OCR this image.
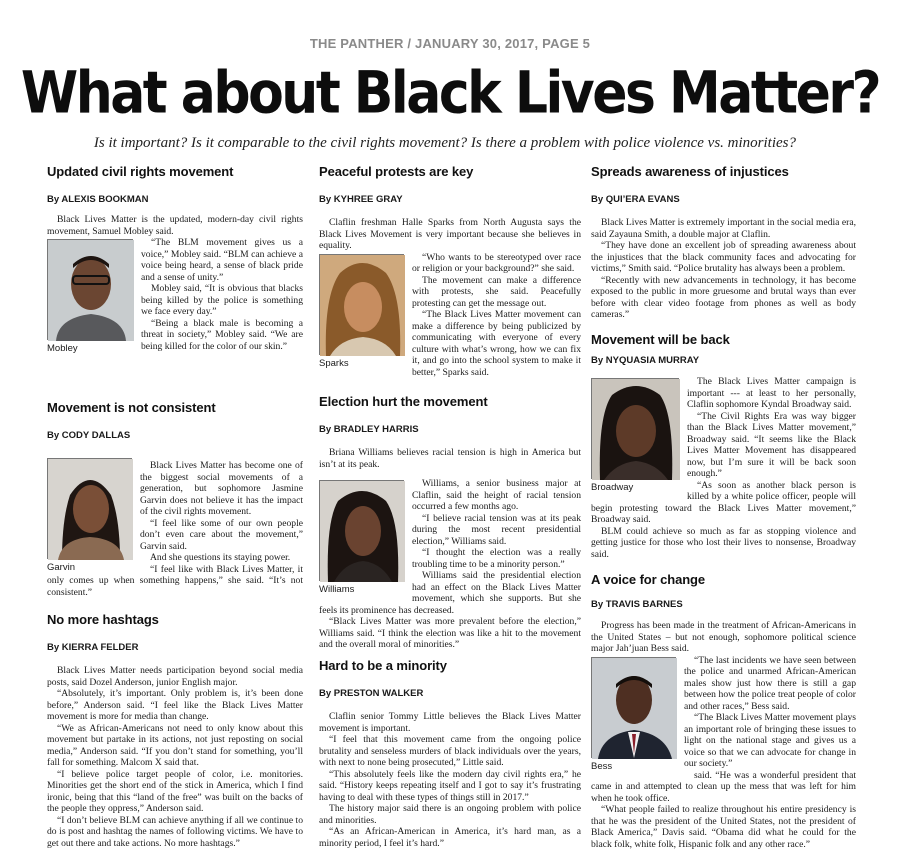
THE PANTHER / JANUARY 30, 2017, PAGE 5
What about Black Lives Matter?
Is it important? Is it comparable to the civil rights movement? Is there a problem with police violence vs. minorities?
Updated civil rights movement
By ALEXIS BOOKMAN

Black Lives Matter is the updated, modern-day civil rights movement, Samuel Mobley said.

Mobley

“The BLM movement gives us a voice,” Mobley said. “BLM can achieve a voice being heard, a sense of black pride and a sense of unity.”

Mobley said, “It is obvious that blacks being killed by the police is something we face every day.”

“Being a black male is becoming a threat in society,” Mobley said. “We are being killed for the color of our skin.”

Movement is not consistent
By CODY DALLAS
Garvin

Black Lives Matter has become one of the biggest social movements of a generation, but sophomore Jasmine Garvin does not believe it has the impact of the civil rights movement.

“I feel like some of our own people don’t even care about the movement,” Garvin said.

And she questions its staying power.

“I feel like with Black Lives Matter, it only comes up when something happens,” she said. “It’s not consistent.”

No more hashtags
By KIERRA FELDER

Black Lives Matter needs participation beyond social media posts, said Dozel Anderson, junior English major.

“Absolutely, it’s important. Only problem is, it’s been done before,” Anderson said. “I feel like the Black Lives Matter movement is more for media than change.

“We as African-Americans not need to only know about this movement but partake in its actions, not just reposting on social media,” Anderson said. “If you don’t stand for something, you’ll fall for something. Malcom X said that.

“I believe police target people of color, i.e. monitories. Minorities get the short end of the stick in America, which I find ironic, being that this “land of the free” was built on the backs of the people they oppress,” Anderson said.

“I don’t believe BLM can achieve anything if all we continue to do is post and hashtag the names of following victims. We have to get out there and take actions. No more hashtags.”

Peaceful protests are key
By KYHREE GRAY

Claflin freshman Halle Sparks from North Augusta says the Black Lives Movement is very important because she believes in equality.

Sparks

“Who wants to be stereotyped over race or religion or your background?” she said.

The movement can make a difference with protests, she said. Peacefully protesting can get the message out.

“The Black Lives Matter movement can make a difference by being publicized by communicating with everyone of every culture with what’s wrong, how we can fix it, and go into the school system to make it better,” Sparks said.

Election hurt the movement
By BRADLEY HARRIS

Briana Williams believes racial tension is high in America but isn’t at its peak.

Williams

Williams, a senior business major at Claflin, said the height of racial tension occurred a few months ago.

“I believe racial tension was at its peak during the most recent presidential election,” Williams said.

“I thought the election was a really troubling time to be a minority person.”

Williams said the presidential election had an effect on the Black Lives Matter movement, which she supports. But she feels its prominence has decreased.

“Black Lives Matter was more prevalent before the election,” Williams said. “I think the election was like a hit to the movement and the overall moral of minorities.”

Hard to be a minority
By PRESTON WALKER

Claflin senior Tommy Little believes the Black Lives Matter movement is important.

“I feel that this movement came from the ongoing police brutality and senseless murders of black individuals over the years, with next to none being prosecuted,” Little said.

“This absolutely feels like the modern day civil rights era,” he said. “History keeps repeating itself and I got to say it’s frustrating having to deal with these types of things still in 2017.”

The history major said there is an ongoing problem with police and minorities.

“As an African-American in America, it’s hard man, as a minority period, I feel it’s hard.”

Spreads awareness of injustices
By QUI’ERA EVANS

Black Lives Matter is extremely important in the social media era, said Zayauna Smith, a double major at Claflin.

“They have done an excellent job of spreading awareness about the injustices that the black community faces and advocating for victims,” Smith said. “Police brutality has always been a problem.

“Recently with new advancements in technology, it has become exposed to the public in more gruesome and brutal ways than ever before with clear video footage from phones as well as body cameras.”

Movement will be back
By NYQUASIA MURRAY
Broadway

The Black Lives Matter campaign is important --- at least to her personally, Claflin sophomore Kyndal Broadway said.

“The Civil Rights Era was way bigger than the Black Lives Matter movement,” Broadway said. “It seems like the Black Lives Matter Movement has disappeared now, but I’m sure it will be back soon enough.”

“As soon as another black person is killed by a white police officer, people will begin protesting toward the Black Lives Matter movement,” Broadway said.

BLM could achieve so much as far as stopping violence and getting justice for those who lost their lives to nonsense, Broadway said.

A voice for change
By TRAVIS BARNES

Progress has been made in the treatment of African-Americans in the United States – but not enough, sophomore political science major Jah’juan Bess said.

Bess

“The last incidents we have seen between the police and unarmed African-American males show just how there is still a gap between how the police treat people of color and other races,” Bess said.

“The Black Lives Matter movement plays an important role of bringing these issues to light on the national stage and gives us a voice so that we can advocate for change in our society.”

said. “He was a wonderful president that came in and attempted to clean up the mess that was left for him when he took office.

“What people failed to realize throughout his entire presidency is that he was the president of the United States, not the president of Black America,” Davis said. “Obama did what he could for the black folk, white folk, Hispanic folk and any other race.”
